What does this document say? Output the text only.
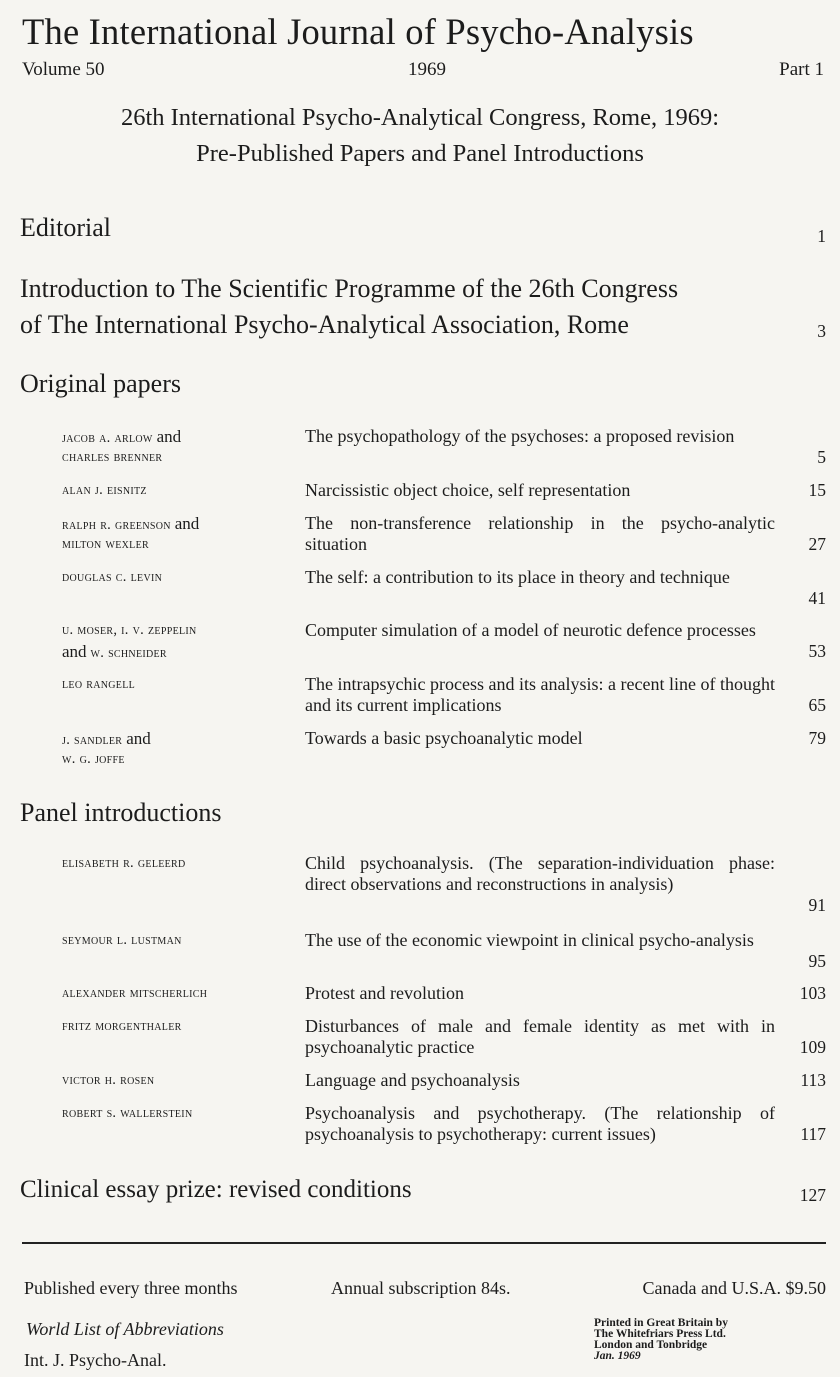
The International Journal of Psycho-Analysis
Volume 50	1969	Part 1
26th International Psycho-Analytical Congress, Rome, 1969:
Pre-Published Papers and Panel Introductions
Editorial	1
Introduction to The Scientific Programme of the 26th Congress
of The International Psycho-Analytical Association, Rome	3
Original papers
jacob a. arlow and
charles brenner
The psychopathology of the psychoses: a proposed revision
5
alan j. eisnitz	Narcissistic object choice, self representation	15
ralph r. greenson and
milton wexler
The non-transference relationship in the psycho-analytic situation	27
douglas c. levin	The self: a contribution to its place in theory and technique
41
u. moser, i. v. zeppelin
and w. schneider
Computer simulation of a model of neurotic defence processes
53
leo rangell	The intrapsychic process and its analysis: a recent line of thought and its current implications	65
j. sandler and
w. g. joffe
Towards a basic psychoanalytic model	79
Panel introductions
elisabeth r. geleerd	Child psychoanalysis. (The separation-individuation phase: direct observations and reconstructions in analysis)
91
seymour l. lustman	The use of the economic viewpoint in clinical psycho-analysis
95
alexander mitscherlich	Protest and revolution	103
fritz morgenthaler	Disturbances of male and female identity as met with in psychoanalytic practice	109
victor h. rosen	Language and psychoanalysis	113
robert s. wallerstein	Psychoanalysis and psychotherapy. (The relationship of psychoanalysis to psychotherapy: current issues)	117
Clinical essay prize: revised conditions	127
Published every three months	Annual subscription 84s.	Canada and U.S.A. $9.50
World List of Abbreviations
Int. J. Psycho-Anal.
Printed in Great Britain by
The Whitefriars Press Ltd.
London and Tonbridge
Jan. 1969
